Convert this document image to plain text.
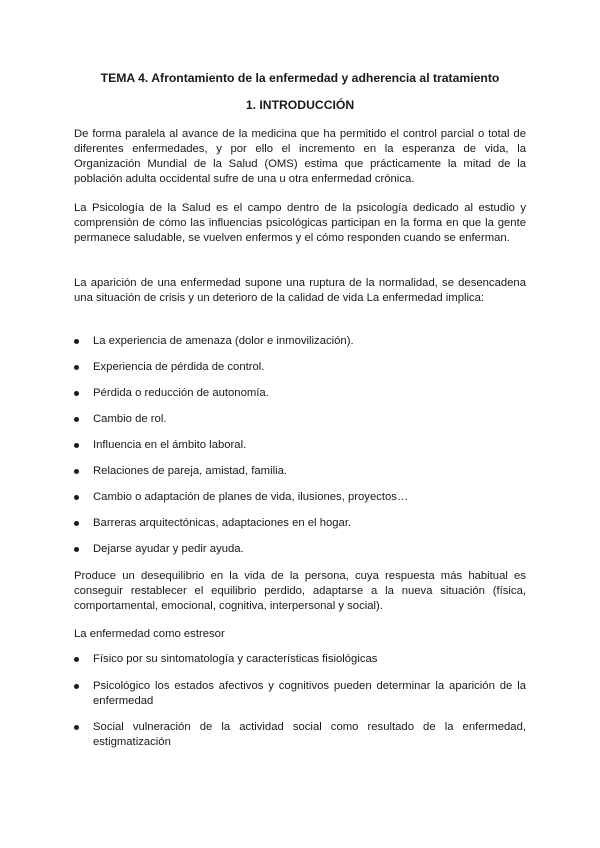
TEMA 4. Afrontamiento de la enfermedad y adherencia al tratamiento
1. INTRODUCCIÓN

De forma paralela al avance de la medicina que ha permitido el control parcial o total de diferentes enfermedades, y por ello el incremento en la esperanza de vida, la Organización Mundial de la Salud (OMS) estima que prácticamente la mitad de la población adulta occidental sufre de una u otra enfermedad crónica.

La Psicología de la Salud es el campo dentro de la psicología dedicado al estudio y comprensión de cómo las influencias psicológicas participan en la forma en que la gente permanece saludable, se vuelven enfermos y el cómo responden cuando se enferman.

La aparición de una enfermedad supone una ruptura de la normalidad, se desencadena una situación de crisis y un deterioro de la calidad de vida La enfermedad implica:

La experiencia de amenaza (dolor e inmovilización).
Experiencia de pérdida de control.
Pérdida o reducción de autonomía.
Cambio de rol.
Influencia en el ámbito laboral.
Relaciones de pareja, amistad, familia.
Cambio o adaptación de planes de vida, ilusiones, proyectos…
Barreras arquitectónicas, adaptaciones en el hogar.
Dejarse ayudar y pedir ayuda.

Produce un desequilibrio en la vida de la persona, cuya respuesta más habitual es conseguir restablecer el equilibrio perdido, adaptarse a la nueva situación (física, comportamental, emocional, cognitiva, interpersonal y social).

La enfermedad como estresor

Físico por su sintomatología y características fisiológicas
Psicológico los estados afectivos y cognitivos pueden determinar la aparición de la enfermedad
Social vulneración de la actividad social como resultado de la enfermedad, estigmatización
